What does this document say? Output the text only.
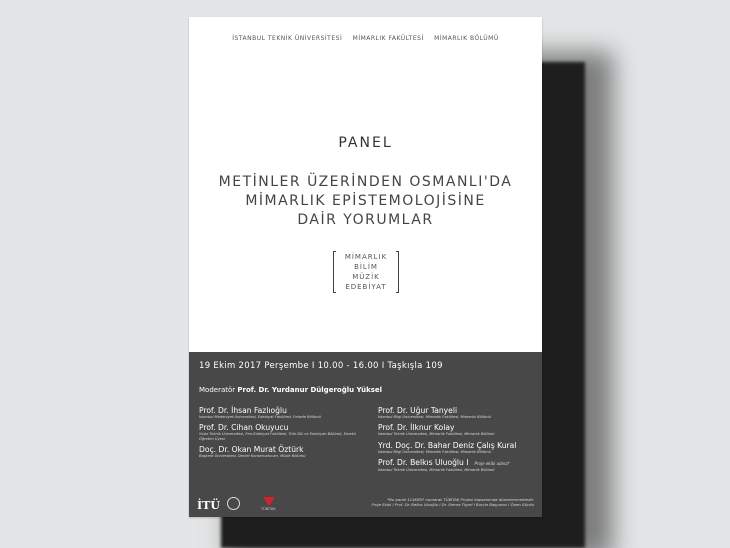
İSTANBUL TEKNİK ÜNİVERSİTESİ MİMARLIK FAKÜLTESİ MİMARLIK BÖLÜMÜ
PANEL
METİNLER ÜZERİNDEN OSMANLI'DA
MİMARLIK EPİSTEMOLOJİSİNE
DAİR YORUMLAR
MİMARLIK
BİLİM
MÜZİK
EDEBİYAT
19 Ekim 2017 Perşembe I 10.00 - 16.00 I Taşkışla 109
Moderatör Prof. Dr. Yurdanur Dülgeroğlu Yüksel
Prof. Dr. İhsan Fazlıoğlu
İstanbul Medeniyet Üniversitesi, Edebiyat Fakültesi, Felsefe Bölümü
Prof. Dr. Cihan Okuyucu
Yıldız Teknik Üniversitesi, Fen-Edebiyat Fakültesi, Türk Dili ve Edebiyatı Bölümü, Emekli Öğretim Üyesi
Doç. Dr. Okan Murat Öztürk
Başkent Üniversitesi, Devlet Konservatuvarı, Müzik Bölümü
Prof. Dr. Uğur Tanyeli
İstanbul Bilgi Üniversitesi, Mimarlık Fakültesi, Mimarlık Bölümü
Prof. Dr. İlknur Kolay
İstanbul Teknik Üniversitesi, Mimarlık Fakültesi, Mimarlık Bölümü
Yrd. Doç. Dr. Bahar Deniz Çalış Kural
İstanbul Bilgi Üniversitesi, Mimarlık Fakültesi, Mimarlık Bölümü
Prof. Dr. Belkıs Uluoğlu I Proje ekibi adına*
İstanbul Teknik Üniversitesi, Mimarlık Fakültesi, Mimarlık Bölümü
İTÜ	TÜBİTAK
*Bu panel 114K897 numaralı TÜBİTAK Projesi kapsamında düzenlenmektedir.
Proje Ekibi I Prof. Dr. Belkıs Uluoğlu I Dr. Semra Tigrel I Burçin Başyazıcı I Önen Günöz
